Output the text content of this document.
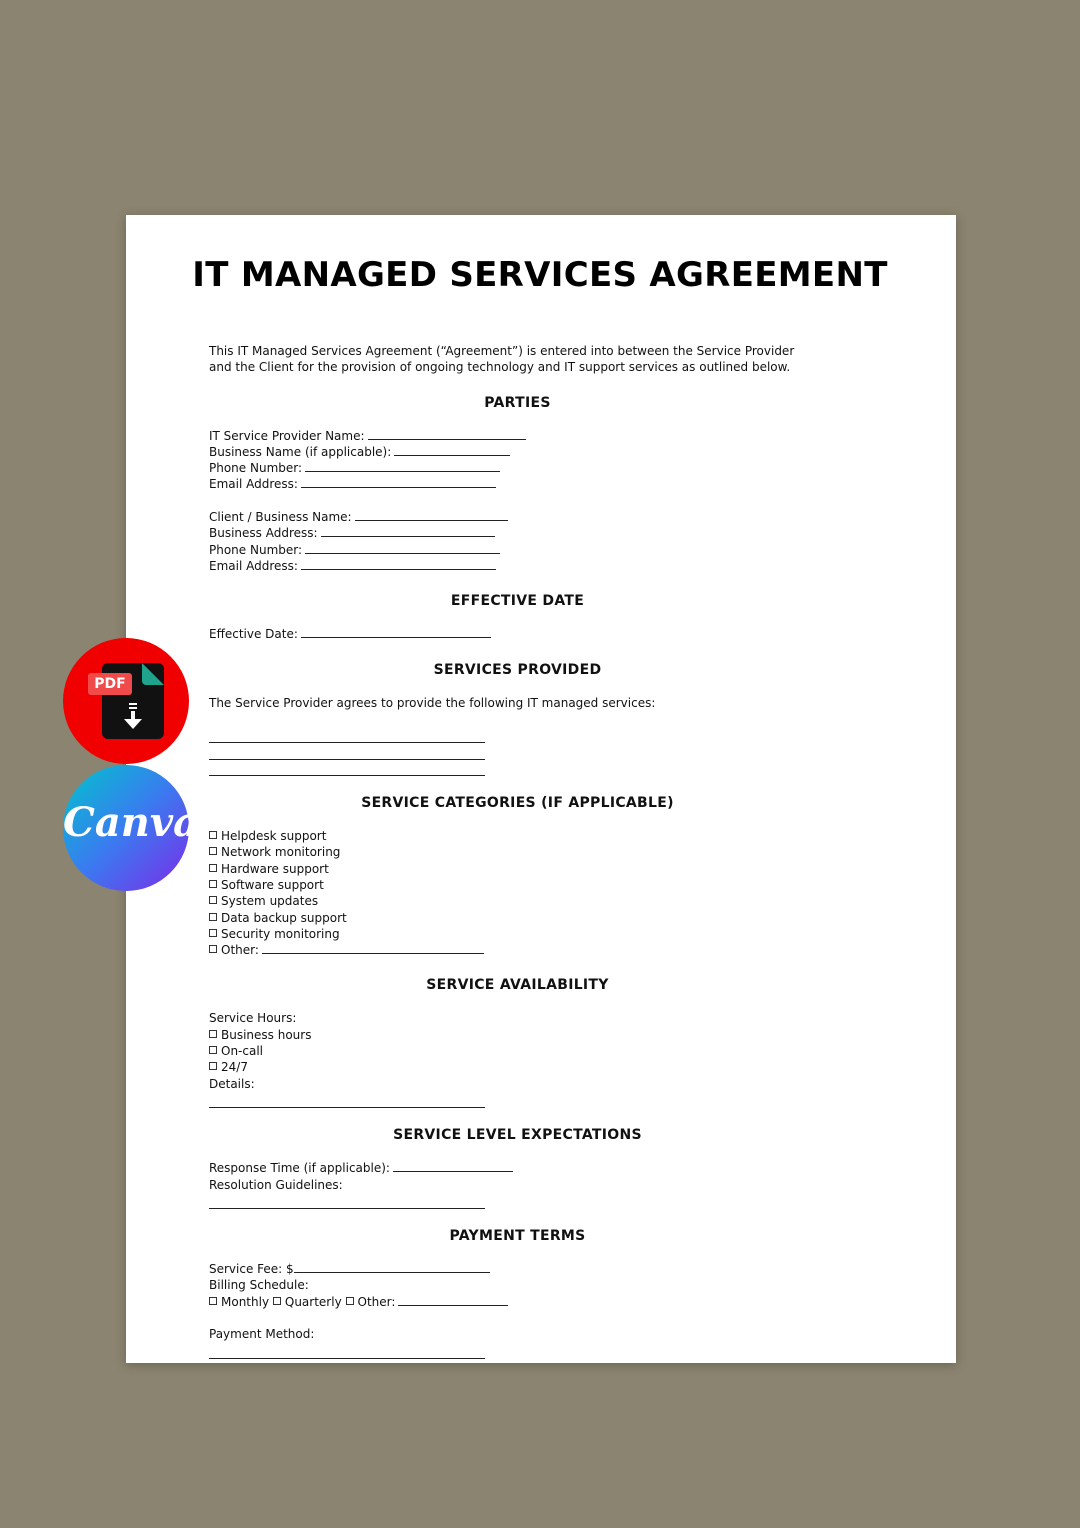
IT MANAGED SERVICES AGREEMENT

This IT Managed Services Agreement (“Agreement”) is entered into between the Service Provider

and the Client for the provision of ongoing technology and IT support services as outlined below.

PARTIES
IT Service Provider Name:
Business Name (if applicable):
Phone Number:
Email Address:
Client / Business Name:
Business Address:
Phone Number:
Email Address:
EFFECTIVE DATE
Effective Date:
SERVICES PROVIDED
The Service Provider agrees to provide the following IT managed services:
SERVICE CATEGORIES (IF APPLICABLE)
Helpdesk support
Network monitoring
Hardware support
Software support
System updates
Data backup support
Security monitoring
Other:
SERVICE AVAILABILITY
Service Hours:
Business hours
On-call
24/7
Details:
SERVICE LEVEL EXPECTATIONS
Response Time (if applicable):
Resolution Guidelines:
PAYMENT TERMS
Service Fee: $
Billing Schedule:
Monthly Quarterly Other:
Payment Method:
PDF
Canva
